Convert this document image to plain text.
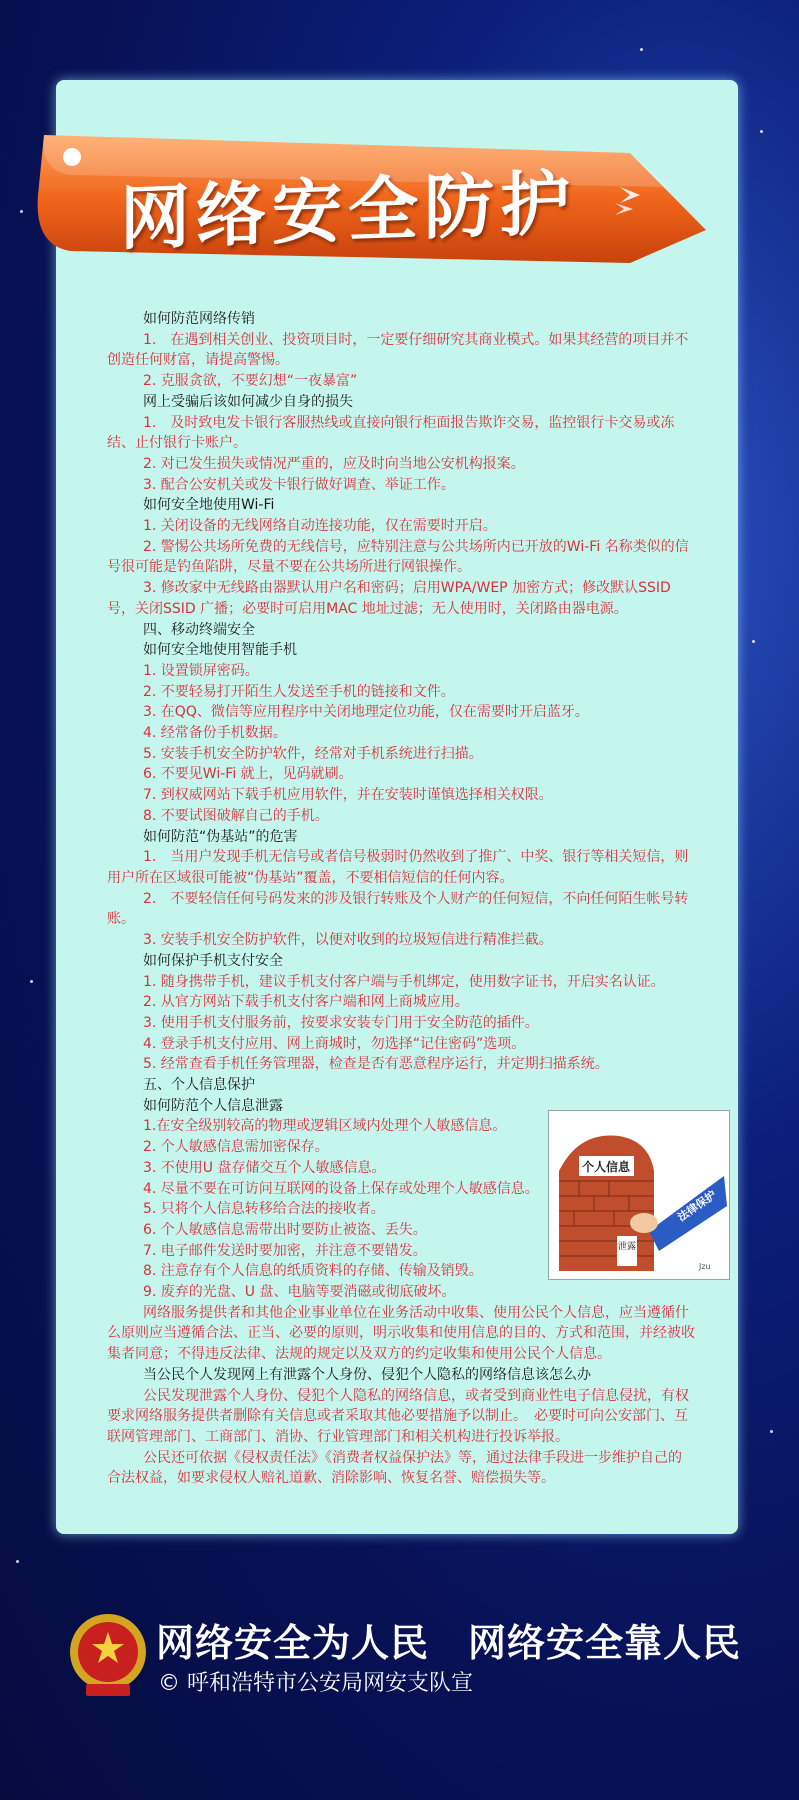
网络安全防护

如何防范网络传销

1.　在遇到相关创业、投资项目时，一定要仔细研究其商业模式。如果其经营的项目并不创造任何财富，请提高警惕。

2. 克服贪欲，不要幻想“一夜暴富”

网上受骗后该如何减少自身的损失

1.　及时致电发卡银行客服热线或直接向银行柜面报告欺诈交易，监控银行卡交易或冻结、止付银行卡账户。

2. 对已发生损失或情况严重的，应及时向当地公安机构报案。

3. 配合公安机关或发卡银行做好调查、举证工作。

如何安全地使用Wi-Fi

1. 关闭设备的无线网络自动连接功能，仅在需要时开启。

2. 警惕公共场所免费的无线信号，应特别注意与公共场所内已开放的Wi-Fi 名称类似的信号很可能是钓鱼陷阱，尽量不要在公共场所进行网银操作。

3. 修改家中无线路由器默认用户名和密码；启用WPA/WEP 加密方式；修改默认SSID 号，关闭SSID 广播；必要时可启用MAC 地址过滤；无人使用时，关闭路由器电源。

四、移动终端安全

如何安全地使用智能手机

1. 设置锁屏密码。

2. 不要轻易打开陌生人发送至手机的链接和文件。

3. 在QQ、微信等应用程序中关闭地理定位功能，仅在需要时开启蓝牙。

4. 经常备份手机数据。

5. 安装手机安全防护软件，经常对手机系统进行扫描。

6. 不要见Wi-Fi 就上，见码就刷。

7. 到权威网站下载手机应用软件，并在安装时谨慎选择相关权限。

8. 不要试图破解自己的手机。

如何防范“伪基站”的危害

1.　当用户发现手机无信号或者信号极弱时仍然收到了推广、中奖、银行等相关短信，则用户所在区域很可能被“伪基站”覆盖，不要相信短信的任何内容。

2.　不要轻信任何号码发来的涉及银行转账及个人财产的任何短信，不向任何陌生帐号转账。

3. 安装手机安全防护软件，以便对收到的垃圾短信进行精准拦截。

如何保护手机支付安全

1. 随身携带手机，建议手机支付客户端与手机绑定，使用数字证书，开启实名认证。

2. 从官方网站下载手机支付客户端和网上商城应用。

3. 使用手机支付服务前，按要求安装专门用于安全防范的插件。

4. 登录手机支付应用、网上商城时，勿选择“记住密码”选项。

5. 经常查看手机任务管理器，检查是否有恶意程序运行，并定期扫描系统。

五、个人信息保护

如何防范个人信息泄露

1.在安全级别较高的物理或逻辑区域内处理个人敏感信息。

2. 个人敏感信息需加密保存。

3. 不使用U 盘存储交互个人敏感信息。

4. 尽量不要在可访问互联网的设备上保存或处理个人敏感信息。

5. 只将个人信息转移给合法的接收者。

6. 个人敏感信息需带出时要防止被盗、丢失。

7. 电子邮件发送时要加密，并注意不要错发。

8. 注意存有个人信息的纸质资料的存储、传输及销毁。

9. 废弃的光盘、U 盘、电脑等要消磁或彻底破坏。

网络服务提供者和其他企业事业单位在业务活动中收集、使用公民个人信息，应当遵循什么原则应当遵循合法、正当、必要的原则，明示收集和使用信息的目的、方式和范围，并经被收集者同意；不得违反法律、法规的规定以及双方的约定收集和使用公民个人信息。

当公民个人发现网上有泄露个人身份、侵犯个人隐私的网络信息该怎么办

公民发现泄露个人身份、侵犯个人隐私的网络信息，或者受到商业性电子信息侵扰，有权要求网络服务提供者删除有关信息或者采取其他必要措施予以制止。　必要时可向公安部门、互联网管理部门、工商部门、消协、行业管理部门和相关机构进行投诉举报。

公民还可依据《侵权责任法》《消费者权益保护法》等，通过法律手段进一步维护自己的合法权益，如要求侵权人赔礼道歉、消除影响、恢复名誉、赔偿损失等。

个人信息
法律保护
泄露
Jzu

网络安全为人民　网络安全靠人民

© 呼和浩特市公安局网安支队宣
